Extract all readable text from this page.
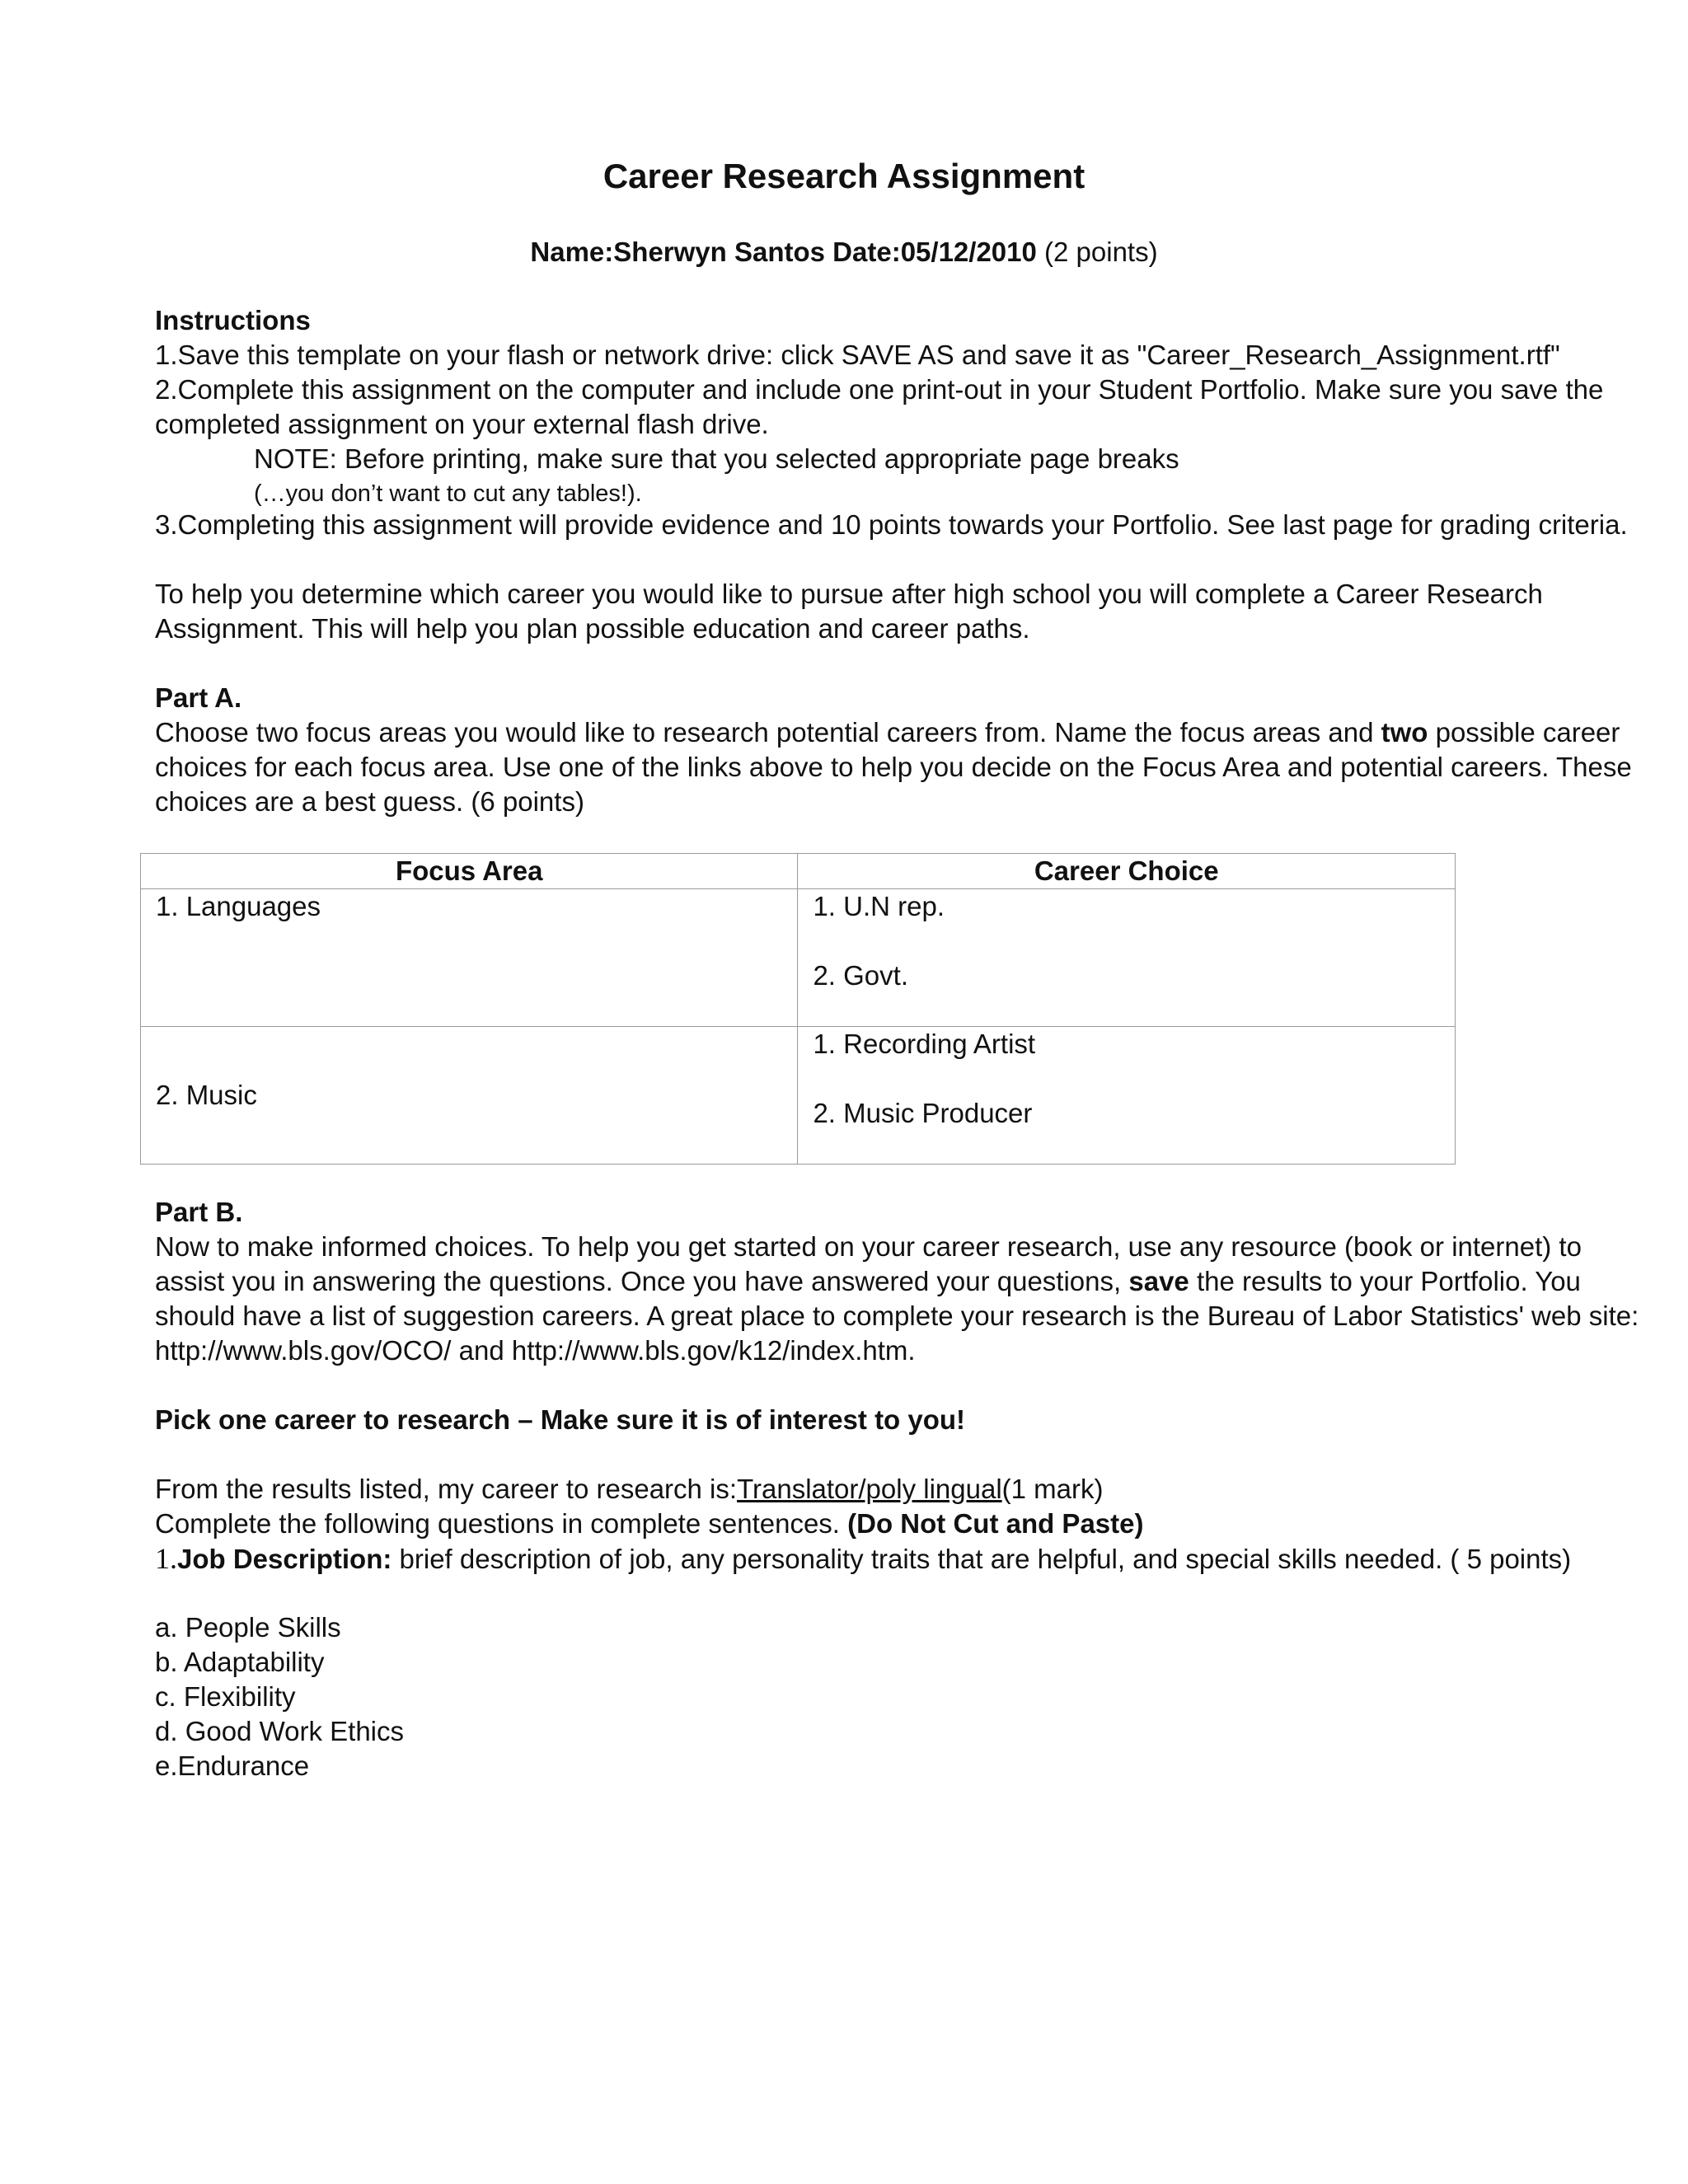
Career Research Assignment
Name:Sherwyn Santos Date:05/12/2010 (2 points)
Instructions
1.Save this template on your flash or network drive: click SAVE AS and save it as "Career_Research_Assignment.rtf"
2.Complete this assignment on the computer and include one print-out in your Student Portfolio. Make sure you save the
completed assignment on your external flash drive.
NOTE: Before printing, make sure that you selected appropriate page breaks
(…you don’t want to cut any tables!).
3.Completing this assignment will provide evidence and 10 points towards your Portfolio. See last page for grading criteria.
To help you determine which career you would like to pursue after high school you will complete a Career Research
Assignment. This will help you plan possible education and career paths.
Part A.
Choose two focus areas you would like to research potential careers from. Name the focus areas and two possible career
choices for each focus area. Use one of the links above to help you decide on the Focus Area and potential careers. These
choices are a best guess. (6 points)
Focus Area	Career Choice

1. Languages	1. U.N rep.
2. Govt.

2. Music	1. Recording Artist
2. Music Producer
Part B.
Now to make informed choices. To help you get started on your career research, use any resource (book or internet) to
assist you in answering the questions. Once you have answered your questions, save the results to your Portfolio. You
should have a list of suggestion careers. A great place to complete your research is the Bureau of Labor Statistics' web site:
http://www.bls.gov/OCO/ and http://www.bls.gov/k12/index.htm.
Pick one career to research – Make sure it is of interest to you!
From the results listed, my career to research is:Translator/poly lingual(1 mark)
Complete the following questions in complete sentences. (Do Not Cut and Paste)
1.Job Description: brief description of job, any personality traits that are helpful, and special skills needed. ( 5 points)
a. People Skills
b. Adaptability
c. Flexibility
d. Good Work Ethics
e.Endurance
